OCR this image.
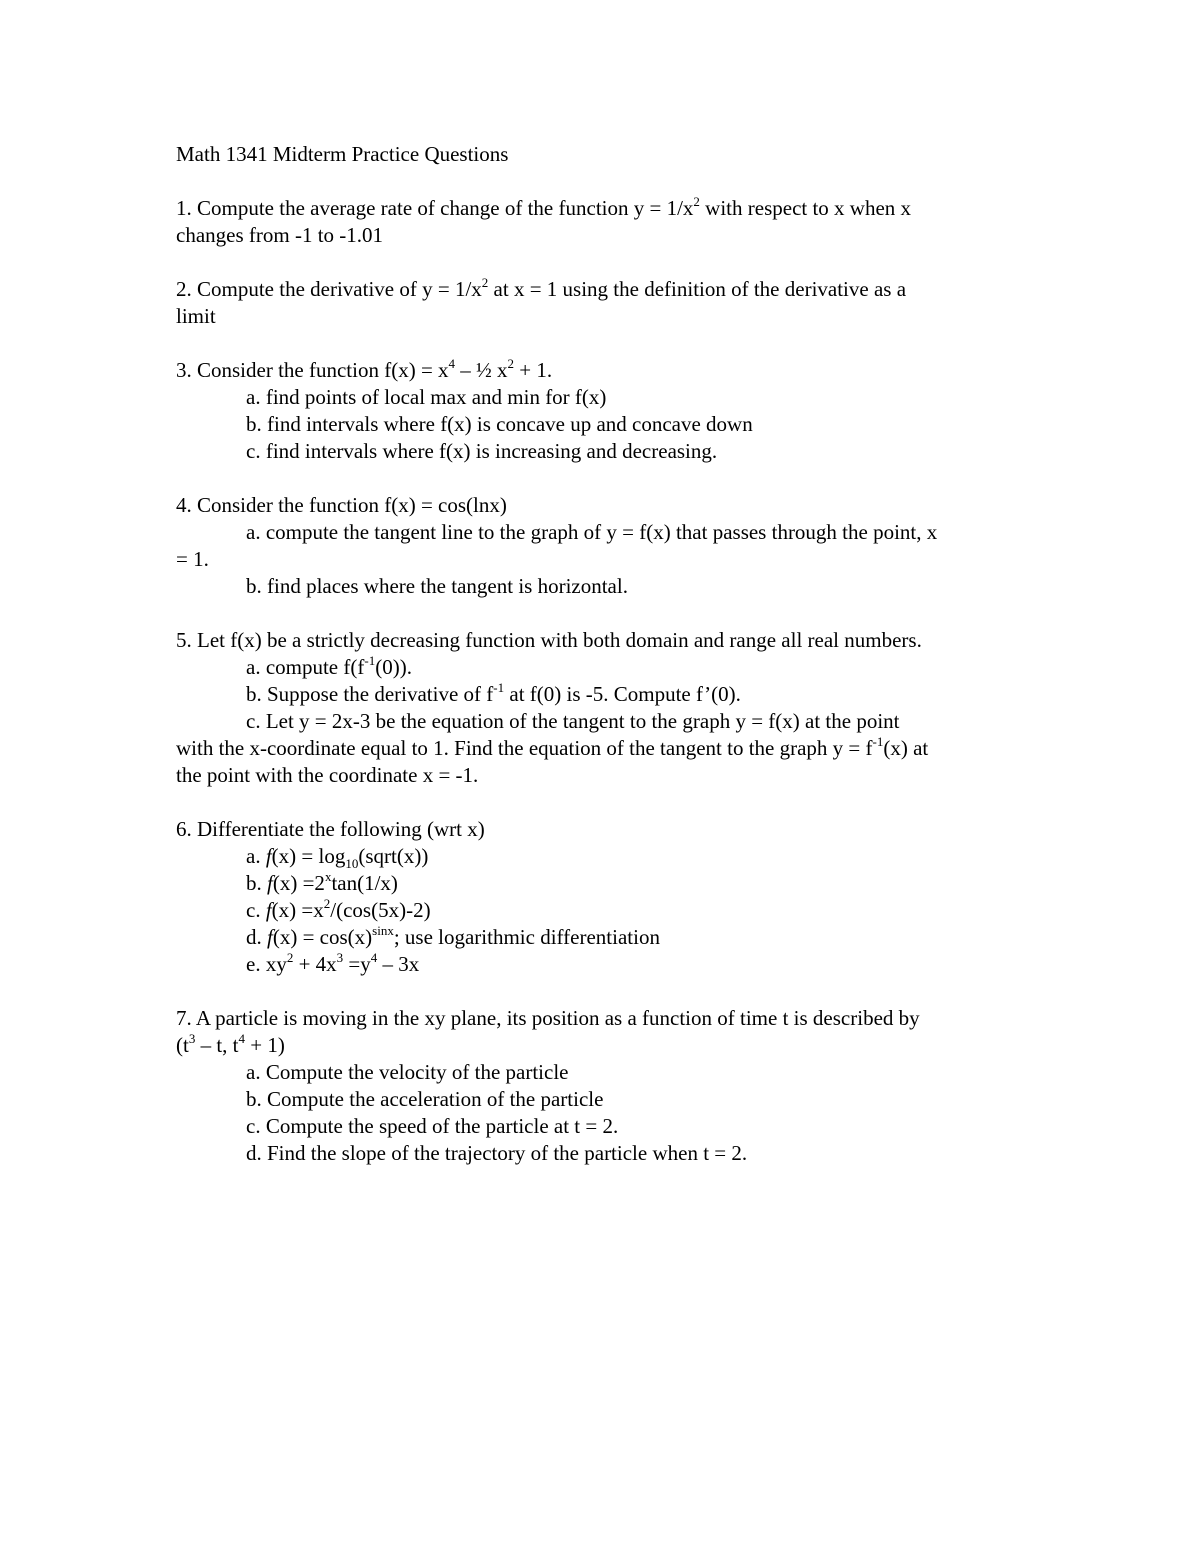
Math 1341 Midterm Practice Questions
1. Compute the average rate of change of the function $y = 1/x^2$ with respect to x when x
changes from -1 to -1.01
2. Compute the derivative of $y = 1/x^2$ at x = 1 using the definition of the derivative as a
limit
3. Consider the function $f(x) = x^4$ – ½ $x^2 + 1$.
a. find points of local max and min for f(x)
b. find intervals where f(x) is concave up and concave down
c. find intervals where f(x) is increasing and decreasing.
4. Consider the function f(x) = cos(lnx)
a. compute the tangent line to the graph of y = f(x) that passes through the point, x
= 1.
b. find places where the tangent is horizontal.
5. Let f(x) be a strictly decreasing function with both domain and range all real numbers.
a. compute $f(f^{-1}(0))$.
b. Suppose the derivative of $f^{-1}$ at f(0) is -5. Compute f’(0).
c. Let y = 2x-3 be the equation of the tangent to the graph y = f(x) at the point
with the x-coordinate equal to 1. Find the equation of the tangent to the graph $y = f^{-1}(x)$ at
the point with the coordinate x = -1.
6. Differentiate the following (wrt x)
a. $f(x) = \log_{10}(sqrt(x))$
b. $f(x) =2^x\tan(1/x)$
c. $f(x) =x^2/(\cos(5x)-2)$
d. $f(x) = \cos(x)^{sinx}$; use logarithmic differentiation
e. $xy^2 + 4x^3 =y^4 - 3x$
7. A particle is moving in the xy plane, its position as a function of time t is described by
($t^3$ – t, $t^4 + 1$)
a. Compute the velocity of the particle
b. Compute the acceleration of the particle
c. Compute the speed of the particle at t = 2.
d. Find the slope of the trajectory of the particle when t = 2.
